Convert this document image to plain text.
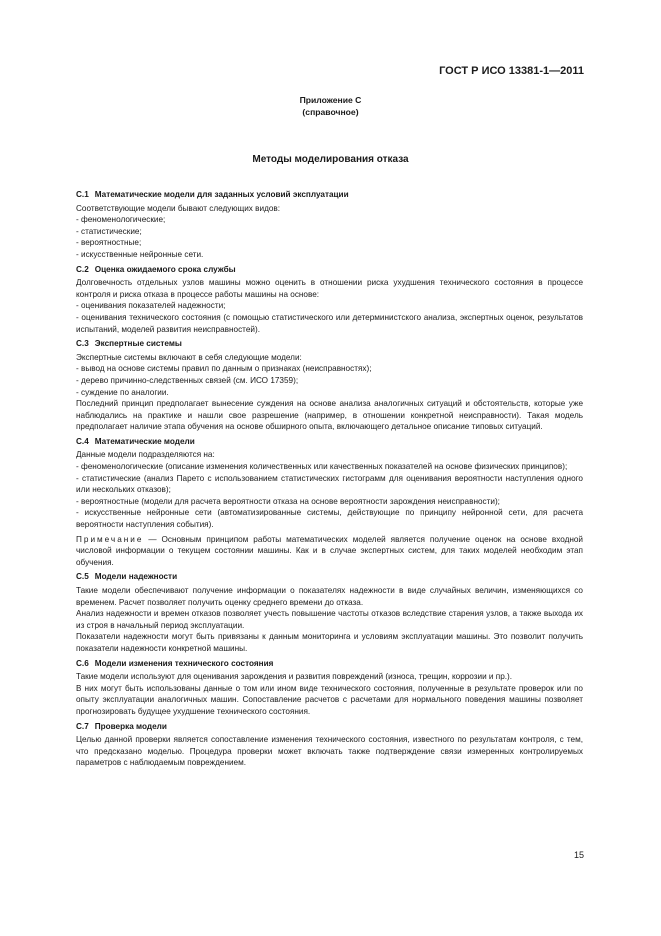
ГОСТ Р ИСО 13381-1—2011
Приложение С
(справочное)
Методы моделирования отказа
С.1 Математические модели для заданных условий эксплуатации

Соответствующие модели бывают следующих видов:

- феноменологические;
- статистические;
- вероятностные;
- искусственные нейронные сети.
С.2 Оценка ожидаемого срока службы

Долговечность отдельных узлов машины можно оценить в отношении риска ухудшения технического состояния в процессе контроля и риска отказа в процессе работы машины на основе:

- оценивания показателей надежности;
- оценивания технического состояния (с помощью статистического или детерминистского анализа, экспертных оценок, результатов испытаний, моделей развития неисправностей).
С.3 Экспертные системы

Экспертные системы включают в себя следующие модели:

- вывод на основе системы правил по данным о признаках (неисправностях);
- дерево причинно-следственных связей (см. ИСО 17359);
- суждение по аналогии.

Последний принцип предполагает вынесение суждения на основе анализа аналогичных ситуаций и обстоятельств, которые уже наблюдались на практике и нашли свое разрешение (например, в отношении конкретной неисправности). Такая модель предполагает наличие этапа обучения на основе обширного опыта, включающего детальное описание типовых ситуаций.

С.4 Математические модели

Данные модели подразделяются на:

- феноменологические (описание изменения количественных или качественных показателей на основе физических принципов);
- статистические (анализ Парето с использованием статистических гистограмм для оценивания вероятности наступления одного или нескольких отказов);
- вероятностные (модели для расчета вероятности отказа на основе вероятности зарождения неисправности);
- искусственные нейронные сети (автоматизированные системы, действующие по принципу нейронной сети, для расчета вероятности наступления события).

Примечание — Основным принципом работы математических моделей является получение оценок на основе входной числовой информации о текущем состоянии машины. Как и в случае экспертных систем, для таких моделей необходим этап обучения.

С.5 Модели надежности

Такие модели обеспечивают получение информации о показателях надежности в виде случайных величин, изменяющихся со временем. Расчет позволяет получить оценку среднего времени до отказа.

Анализ надежности и времен отказов позволяет учесть повышение частоты отказов вследствие старения узлов, а также выхода их из строя в начальный период эксплуатации.

Показатели надежности могут быть привязаны к данным мониторинга и условиям эксплуатации машины. Это позволит получить показатели надежности конкретной машины.

С.6 Модели изменения технического состояния

Такие модели используют для оценивания зарождения и развития повреждений (износа, трещин, коррозии и пр.).

В них могут быть использованы данные о том или ином виде технического состояния, полученные в результате проверок или по опыту эксплуатации аналогичных машин. Сопоставление расчетов с расчетами для нормального поведения машины позволяет прогнозировать будущее ухудшение технического состояния.

С.7 Проверка модели

Целью данной проверки является сопоставление изменения технического состояния, известного по результатам контроля, с тем, что предсказано моделью. Процедура проверки может включать также подтверждение связи измеренных контролируемых параметров с наблюдаемым повреждением.

15
